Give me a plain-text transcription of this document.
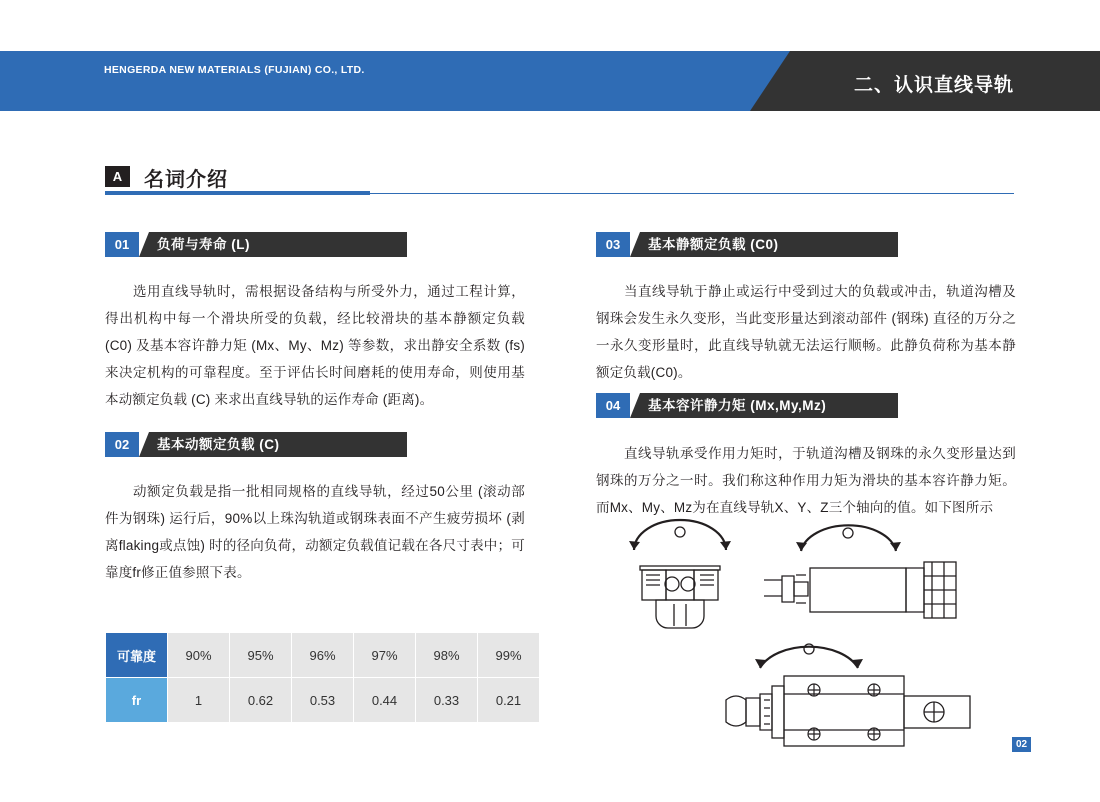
HENGERDA NEW MATERIALS (FUJIAN) CO., LTD.
二、认识直线导轨
A	名词介绍
01	负荷与寿命 (L)
选用直线导轨时，需根据设备结构与所受外力，通过工程计算，得出机构中每一个滑块所受的负载，经比较滑块的基本静额定负载 (C0) 及基本容许静力矩 (Mx、My、Mz) 等参数，求出静安全系数 (fs) 来决定机构的可靠程度。至于评估长时间磨耗的使用寿命，则使用基本动额定负载 (C) 来求出直线导轨的运作寿命 (距离)。
02	基本动额定负载 (C)
动额定负载是指一批相同规格的直线导轨，经过50公里 (滚动部件为钢珠) 运行后，90%以上珠沟轨道或钢珠表面不产生疲劳损坏 (剥离flaking或点蚀) 时的径向负荷，动额定负载值记载在各尺寸表中；可靠度fr修正值参照下表。
03	基本静额定负载 (C0)
当直线导轨于静止或运行中受到过大的负载或冲击，轨道沟槽及钢珠会发生永久变形，当此变形量达到滚动部件 (钢珠) 直径的万分之一永久变形量时，此直线导轨就无法运行顺畅。此静负荷称为基本静额定负载(C0)。
04	基本容许静力矩 (Mx,My,Mz)
直线导轨承受作用力矩时，于轨道沟槽及钢珠的永久变形量达到钢珠的万分之一时。我们称这种作用力矩为滑块的基本容许静力矩。而Mx、My、Mz为在直线导轨X、Y、Z三个轴向的值。如下图所示
可靠度	90%	95%	96%	97%	98%	99%
fr	1	0.62	0.53	0.44	0.33	0.21
02
